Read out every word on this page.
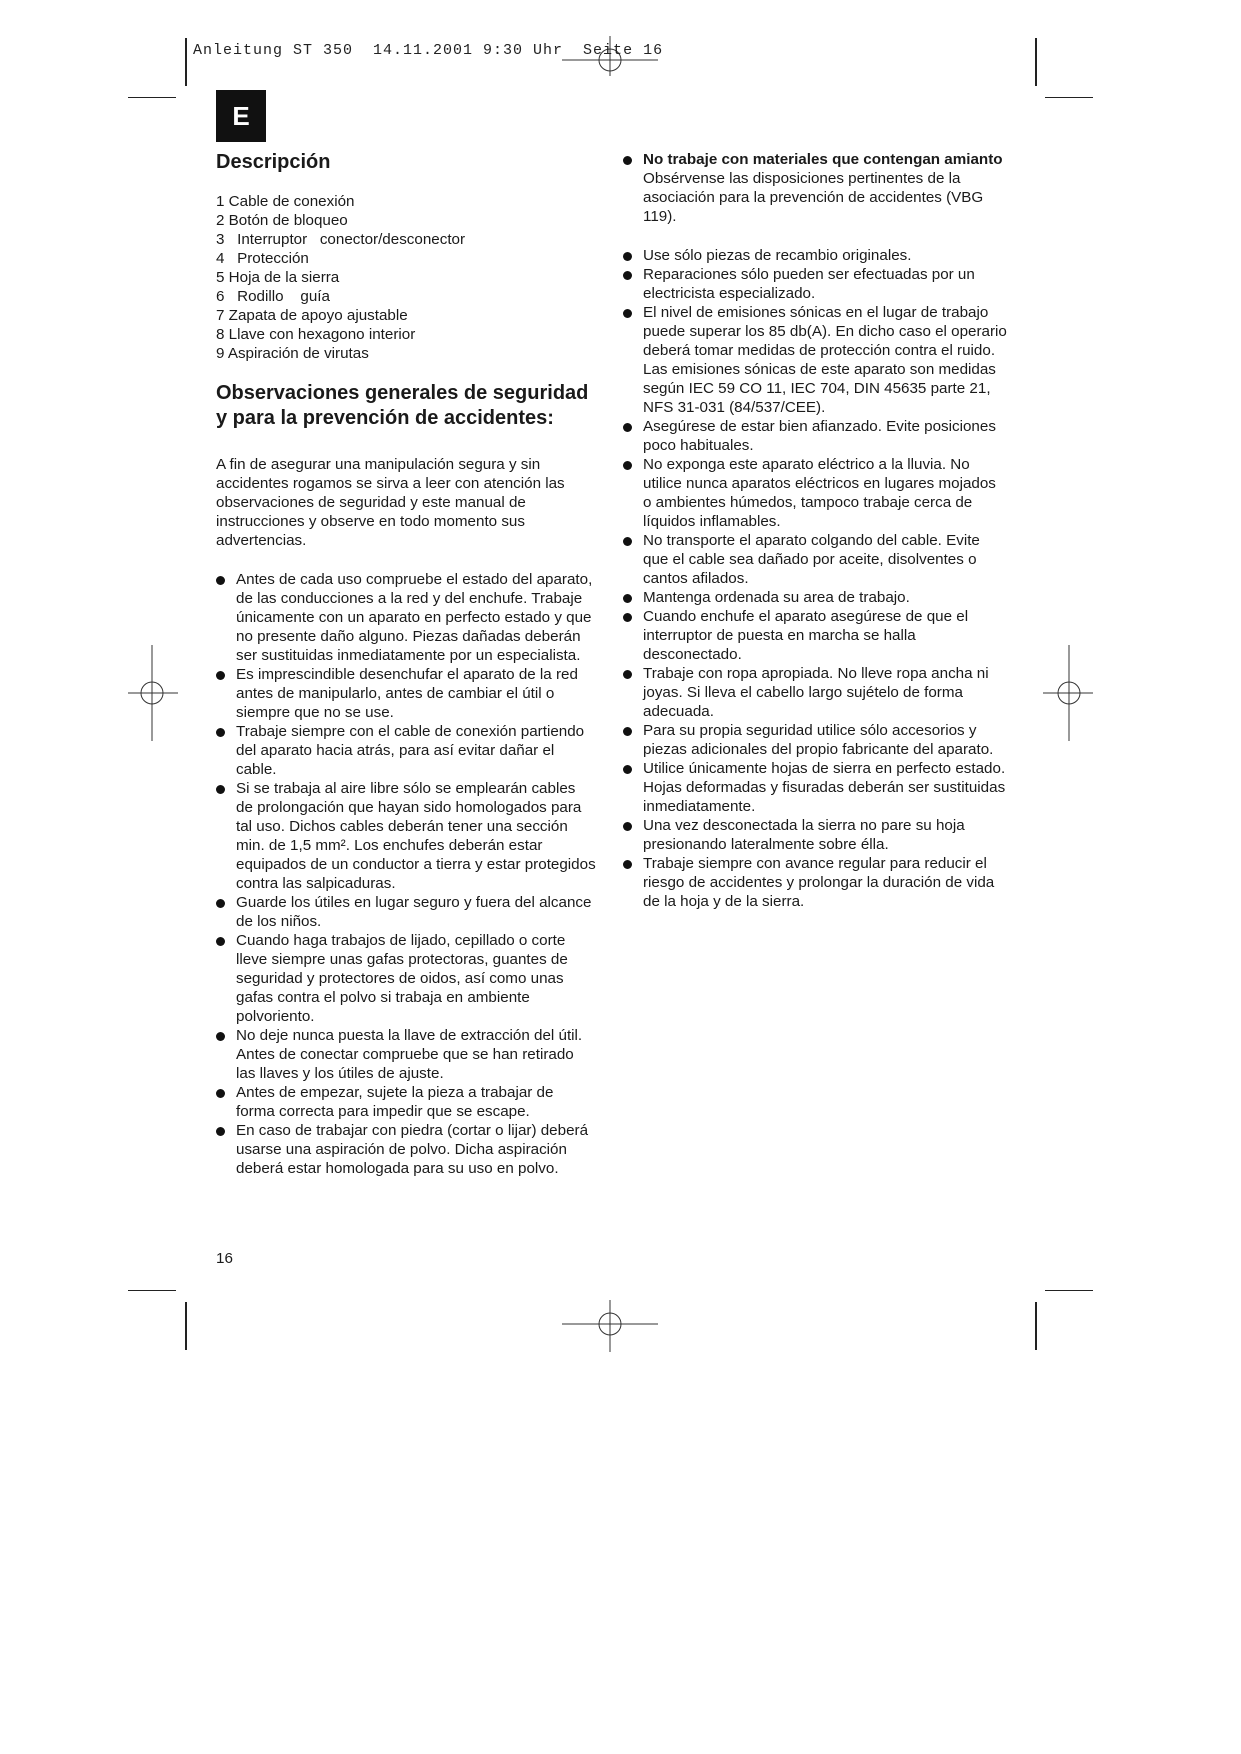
Anleitung ST 350  14.11.2001 9:30 Uhr  Seite 16
E
Descripción
1 Cable de conexión
2 Botón de bloqueo
3   Interruptor   conector/desconector
4   Protección
5 Hoja de la sierra
6   Rodillo    guía
7 Zapata de apoyo ajustable
8 Llave con hexagono interior
9 Aspiración de virutas
Observaciones generales de seguridad y para la prevención de accidentes:

A fin de asegurar una manipulación segura y sin accidentes rogamos se sirva a leer con atención las observaciones de seguridad y este manual de instrucciones y observe en todo momento sus advertencias.

Antes de cada uso compruebe el estado del aparato, de las conducciones a la red y del enchufe. Trabaje únicamente con un aparato en perfecto estado y que no presente daño alguno. Piezas dañadas deberán ser sustituidas inmediatamente por un especialista.
Es imprescindible desenchufar el aparato de la red antes de manipularlo, antes de cambiar el útil o siempre que no se use.
Trabaje siempre con el cable de conexión partiendo del aparato hacia atrás, para así evitar dañar el cable.
Si se trabaja al aire libre sólo se emplearán cables de prolongación que hayan sido homologados para tal uso. Dichos cables deberán tener una sección min. de 1,5 mm². Los enchufes deberán estar equipados de un conductor a tierra y estar protegidos contra las salpicaduras.
Guarde los útiles en lugar seguro y fuera del alcance de los niños.
Cuando haga trabajos de lijado, cepillado o corte lleve siempre unas gafas protectoras, guantes de seguridad y protectores de oidos, así como unas gafas contra el polvo si trabaja en ambiente polvoriento.
No deje nunca puesta la llave de extracción del útil. Antes de conectar compruebe que se han retirado las llaves y los útiles de ajuste.
Antes de empezar, sujete la pieza a trabajar de forma correcta para impedir que se escape.
En caso de trabajar con piedra (cortar o lijar) deberá usarse una aspiración de polvo. Dicha aspiración deberá estar homologada para su uso en polvo.
No trabaje con materiales que contengan amianto
Obsérvense las disposiciones pertinentes de la asociación para la prevención de accidentes (VBG 119).
Use sólo piezas de recambio originales.
Reparaciones sólo pueden ser efectuadas por un electricista especializado.
El nivel de emisiones sónicas en el lugar de trabajo puede superar los 85 db(A). En dicho caso el operario deberá tomar medidas de protección contra el ruido. Las emisiones sónicas de este aparato son medidas según IEC 59 CO 11, IEC 704, DIN 45635 parte 21, NFS 31-031 (84/537/CEE).
Asegúrese de estar bien afianzado. Evite posiciones poco habituales.
No exponga este aparato eléctrico a la lluvia. No utilice nunca aparatos eléctricos en lugares mojados o ambientes húmedos, tampoco trabaje cerca de líquidos inflamables.
No transporte el aparato colgando del cable. Evite que el cable sea dañado por aceite, disolventes o cantos afilados.
Mantenga ordenada su area de trabajo.
Cuando enchufe el aparato asegúrese de que el interruptor de puesta en marcha se halla desconectado.
Trabaje con ropa apropiada. No lleve ropa ancha ni joyas. Si lleva el cabello largo sujételo de forma adecuada.
Para su propia seguridad utilice sólo accesorios y piezas adicionales del propio fabricante del aparato.
Utilice únicamente hojas de sierra en perfecto estado. Hojas deformadas y fisuradas deberán ser sustituidas inmediatamente.
Una vez desconectada la sierra no pare su hoja presionando lateralmente sobre élla.
Trabaje siempre con avance regular para reducir el riesgo de accidentes y prolongar la duración de vida de la hoja y de la sierra.
16
